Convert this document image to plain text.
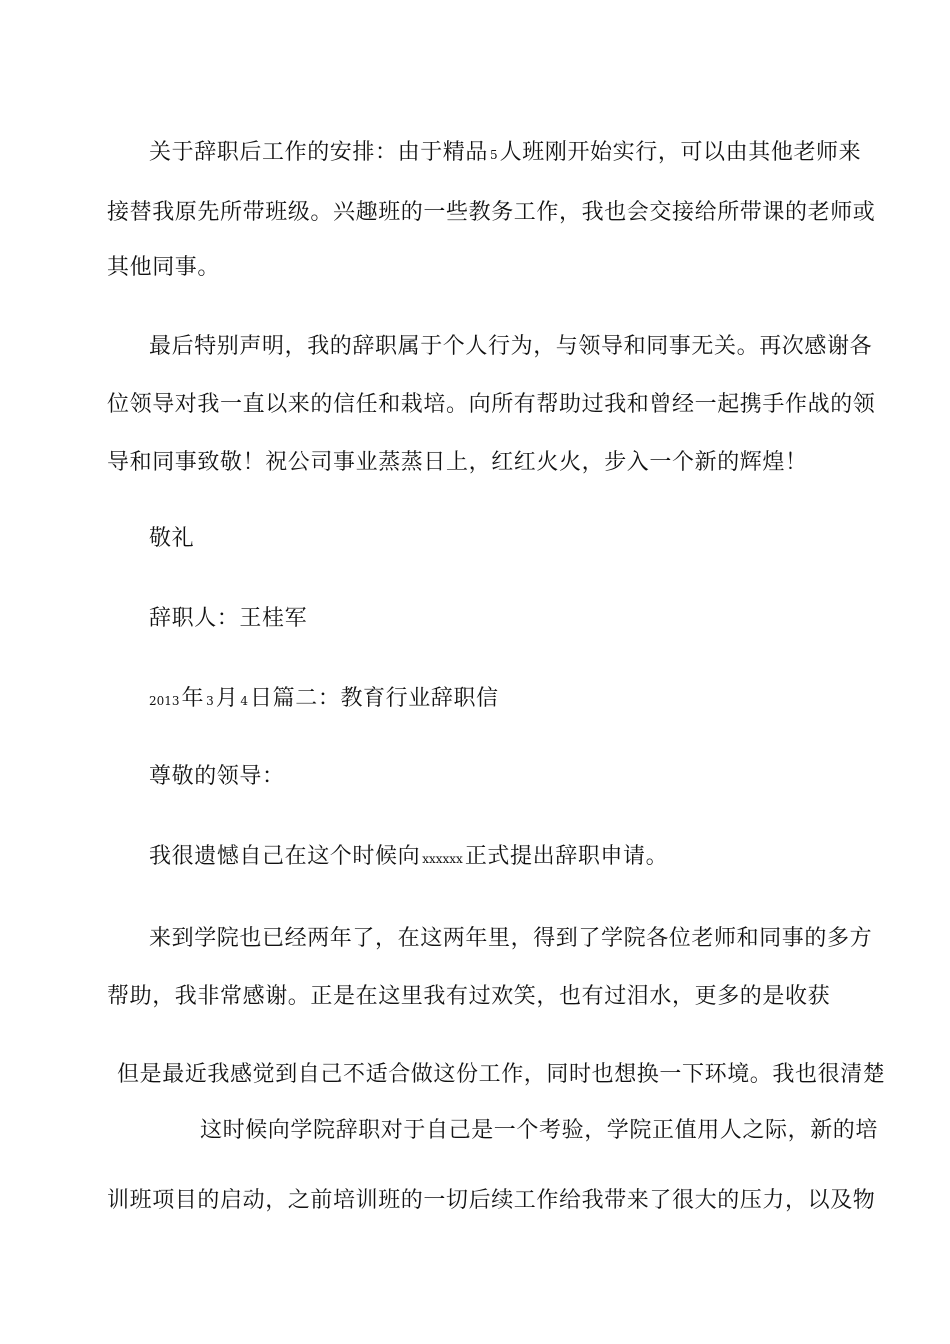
关于辞职后工作的安排：由于精品 5人班刚开始实行，可以由其他老师来
接替我原先所带班级。兴趣班的一些教务工作，我也会交接给所带课的老师或
其他同事。
最后特别声明，我的辞职属于个人行为，与领导和同事无关。再次感谢各
位领导对我一直以来的信任和栽培。向所有帮助过我和曾经一起携手作战的领
导和同事致敬！祝公司事业蒸蒸日上，红红火火，步入一个新的辉煌！
敬礼
辞职人：王桂军
2013年 3月 4日篇二：教育行业辞职信
尊敬的领导：
我很遗憾自己在这个时候向 xxxxxx正式提出辞职申请。
来到学院也已经两年了，在这两年里，得到了学院各位老师和同事的多方
帮助，我非常感谢。正是在这里我有过欢笑，也有过泪水，更多的是收获
但是最近我感觉到自己不适合做这份工作，同时也想换一下环境。我也很清楚
这时候向学院辞职对于自己是一个考验，学院正值用人之际，新的培
训班项目的启动，之前培训班的一切后续工作给我带来了很大的压力，以及物
